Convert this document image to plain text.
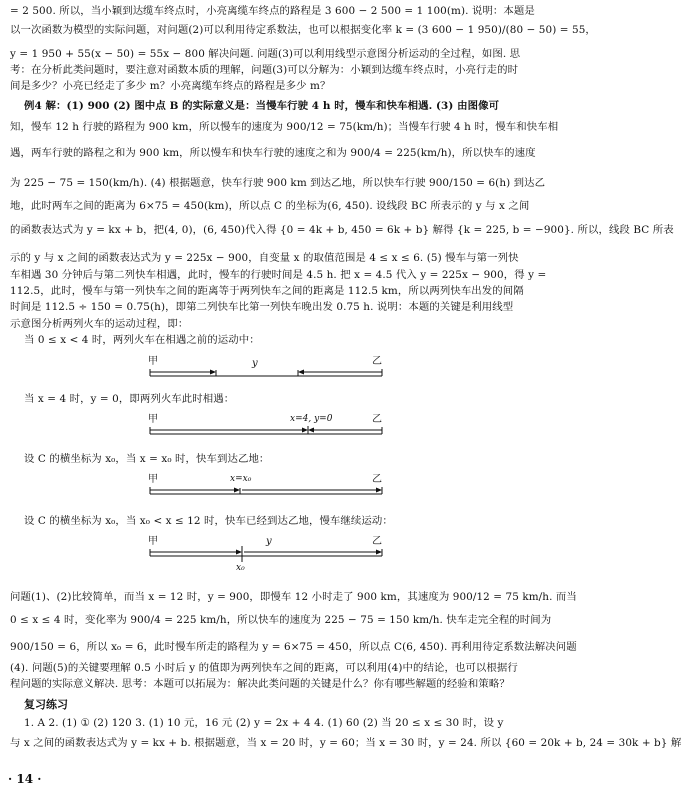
= 2 500. 所以，当小颖到达缆车终点时，小亮离缆车终点的路程是 3 600 − 2 500 = 1 100(m). 说明：本题是
以一次函数为模型的实际问题，对问题(2)可以利用待定系数法，也可以根据变化率 k = (3 600 − 1 950)/(80 − 50) = 55，
y = 1 950 + 55(x − 50) = 55x − 800 解决问题. 问题(3)可以利用线型示意图分析运动的全过程，如图. 思
考：在分析此类问题时，要注意对函数本质的理解，问题(3)可以分解为：小颖到达缆车终点时，小亮行走的时
间是多少？小亮已经走了多少 m？小亮离缆车终点的路程是多少 m？
例4 解：(1) 900 (2) 图中点 B 的实际意义是：当慢车行驶 4 h 时，慢车和快车相遇. (3) 由图像可
知，慢车 12 h 行驶的路程为 900 km，所以慢车的速度为 900/12 = 75(km/h)；当慢车行驶 4 h 时，慢车和快车相
遇，两车行驶的路程之和为 900 km，所以慢车和快车行驶的速度之和为 900/4 = 225(km/h)，所以快车的速度
为 225 − 75 = 150(km/h). (4) 根据题意，快车行驶 900 km 到达乙地，所以快车行驶 900/150 = 6(h) 到达乙
地，此时两车之间的距离为 6×75 = 450(km)，所以点 C 的坐标为(6, 450). 设线段 BC 所表示的 y 与 x 之间
的函数表达式为 y = kx + b，把(4, 0)，(6, 450)代入得 {0 = 4k + b, 450 = 6k + b} 解得 {k = 225, b = −900}. 所以，线段 BC 所表
示的 y 与 x 之间的函数表达式为 y = 225x − 900，自变量 x 的取值范围是 4 ≤ x ≤ 6. (5) 慢车与第一列快
车相遇 30 分钟后与第二列快车相遇，此时，慢车的行驶时间是 4.5 h. 把 x = 4.5 代入 y = 225x − 900，得 y =
112.5，此时，慢车与第一列快车之间的距离等于两列快车之间的距离是 112.5 km，所以两列快车出发的间隔
时间是 112.5 ÷ 150 = 0.75(h)，即第二列快车比第一列快车晚出发 0.75 h. 说明：本题的关键是利用线型
示意图分析两列火车的运动过程，即：
当 0 ≤ x < 4 时，两列火车在相遇之前的运动中：
甲	乙
y
当 x = 4 时，y = 0，即两列火车此时相遇：
甲	乙
x=4, y=0
设 C 的横坐标为 x₀，当 x = x₀ 时，快车到达乙地：
甲	乙
x=x₀
设 C 的横坐标为 x₀，当 x₀ < x ≤ 12 时，快车已经到达乙地，慢车继续运动：
甲	乙
y
x₀
问题(1)、(2)比较简单，而当 x = 12 时，y = 900，即慢车 12 小时走了 900 km，其速度为 900/12 = 75 km/h. 而当
0 ≤ x ≤ 4 时，变化率为 900/4 = 225 km/h，所以快车的速度为 225 − 75 = 150 km/h. 快车走完全程的时间为
900/150 = 6，所以 x₀ = 6，此时慢车所走的路程为 y = 6×75 = 450，所以点 C(6, 450). 再利用待定系数法解决问题
(4). 问题(5)的关键要理解 0.5 小时后 y 的值即为两列快车之间的距离，可以利用(4)中的结论，也可以根据行
程问题的实际意义解决. 思考：本题可以拓展为：解决此类问题的关键是什么？你有哪些解题的经验和策略？
复习练习
1. A 2. (1) ① (2) 120 3. (1) 10 元，16 元 (2) y = 2x + 4 4. (1) 60 (2) 当 20 ≤ x ≤ 30 时，设 y
与 x 之间的函数表达式为 y = kx + b. 根据题意，当 x = 20 时，y = 60；当 x = 30 时，y = 24. 所以 {60 = 20k + b, 24 = 30k + b} 解
· 14 ·
